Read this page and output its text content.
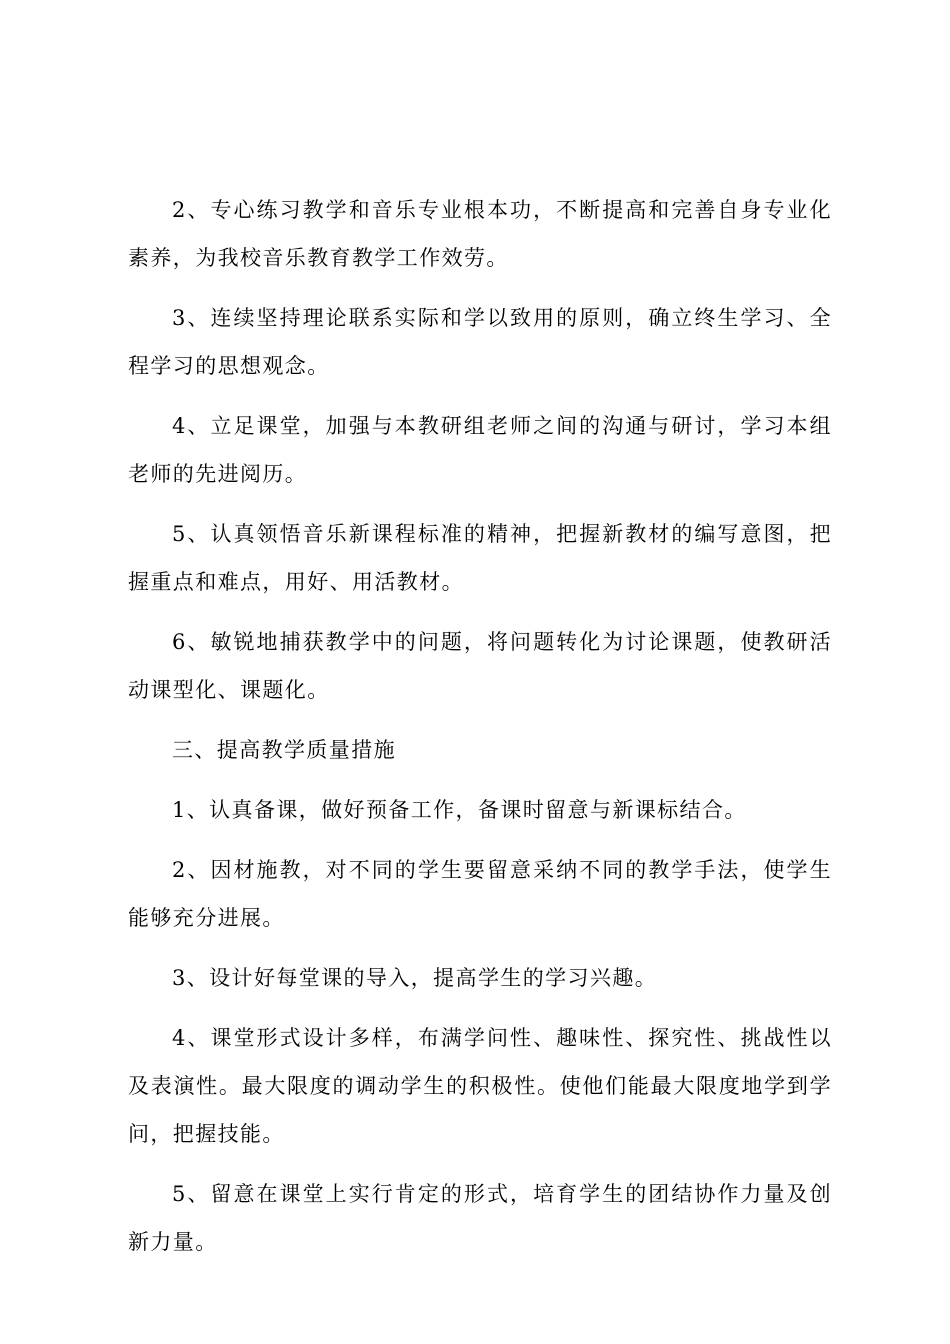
2、专心练习教学和音乐专业根本功，不断提高和完善自身专业化素养，为我校音乐教育教学工作效劳。

3、连续坚持理论联系实际和学以致用的原则，确立终生学习、全程学习的思想观念。

4、立足课堂，加强与本教研组老师之间的沟通与研讨，学习本组老师的先进阅历。

5、认真领悟音乐新课程标准的精神，把握新教材的编写意图，把握重点和难点，用好、用活教材。

6、敏锐地捕获教学中的问题，将问题转化为讨论课题，使教研活动课型化、课题化。

三、提高教学质量措施

1、认真备课，做好预备工作，备课时留意与新课标结合。

2、因材施教，对不同的学生要留意采纳不同的教学手法，使学生能够充分进展。

3、设计好每堂课的导入，提高学生的学习兴趣。

4、课堂形式设计多样，布满学问性、趣味性、探究性、挑战性以及表演性。最大限度的调动学生的积极性。使他们能最大限度地学到学问，把握技能。

5、留意在课堂上实行肯定的形式，培育学生的团结协作力量及创新力量。
